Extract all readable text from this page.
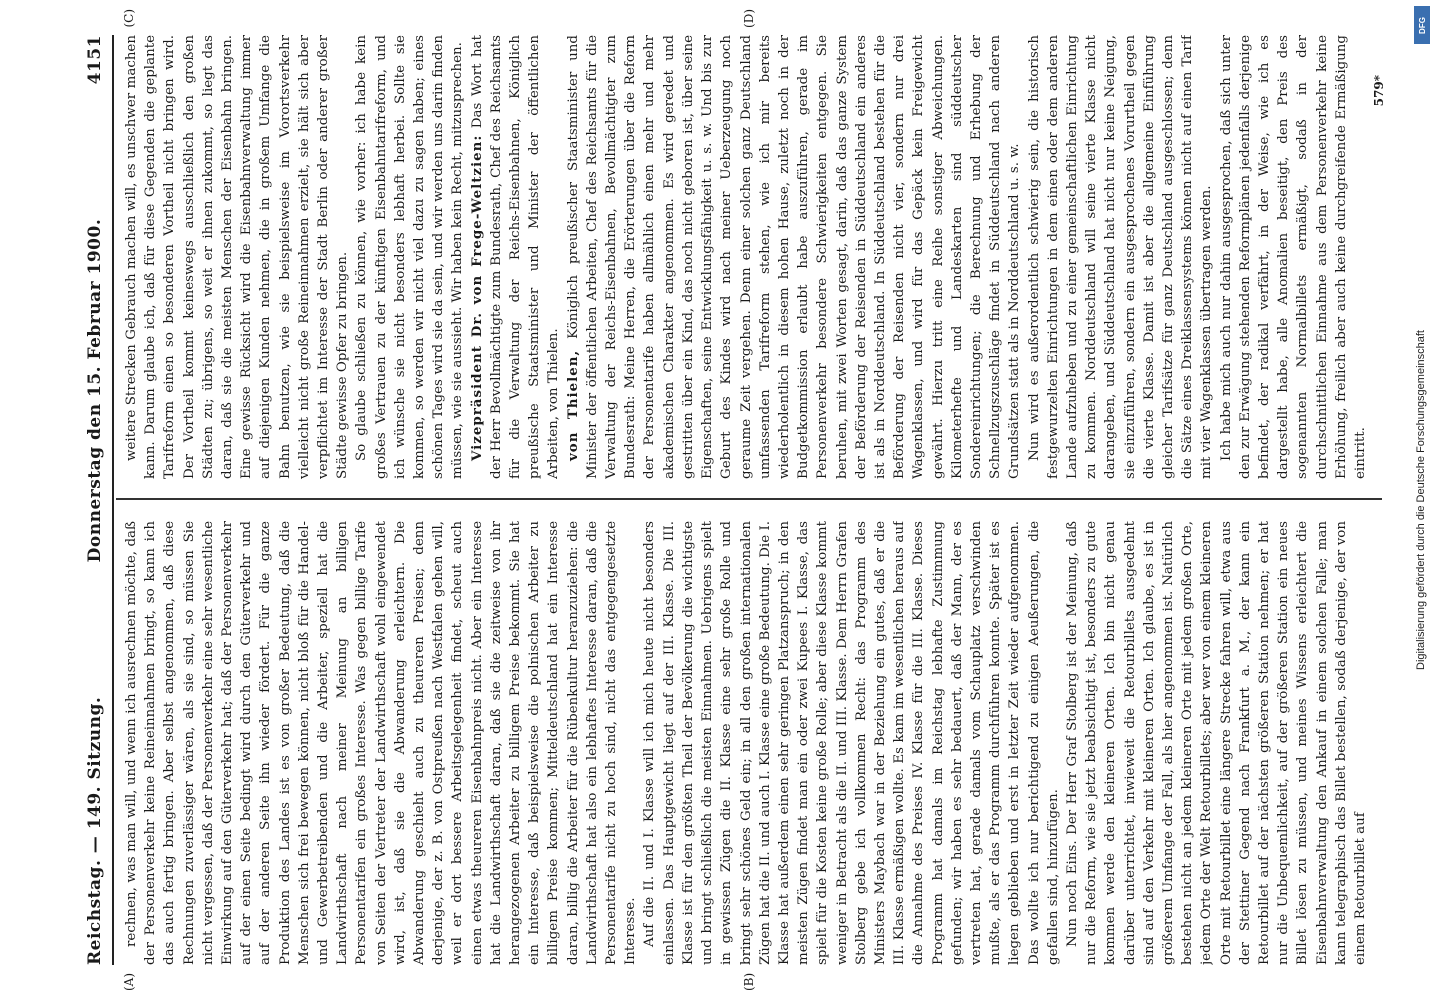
Reichstag. — 149. Sitzung.
Donnerstag den 15. Februar 1900.
4151
(A)	(B)
(C)	(D)

rechnen, was man will, und wenn ich ausrechnen möchte, daß der Personenverkehr keine Reineinnahmen bringt, so kann ich das auch fertig bringen. Aber selbst angenommen, daß diese Rechnungen zuverlässiger wären, als sie sind, so müssen Sie nicht vergessen, daß der Personenverkehr eine sehr wesentliche Einwirkung auf den Güterverkehr hat; daß der Personenverkehr auf der einen Seite bedingt wird durch den Güterverkehr und auf der anderen Seite ihn wieder fördert. Für die ganze Produktion des Landes ist es von großer Bedeutung, daß die Menschen sich frei bewegen können, nicht bloß für die Handel- und Gewerbetreibenden und die Arbeiter, speziell hat die Landwirthschaft nach meiner Meinung an billigen Personentarifen ein großes Interesse. Was gegen billige Tarife von Seiten der Vertreter der Landwirthschaft wohl eingewendet wird, ist, daß sie die Abwanderung erleichtern. Die Abwanderung geschieht auch zu theureren Preisen; denn derjenige, der z. B. von Ostpreußen nach Westfalen gehen will, weil er dort bessere Arbeitsgelegenheit findet, scheut auch einen etwas theureren Eisenbahnpreis nicht. Aber ein Interesse hat die Landwirthschaft daran, daß sie die zeitweise von ihr herangezogenen Arbeiter zu billigem Preise bekommt. Sie hat ein Interesse, daß beispielsweise die polnischen Arbeiter zu billigem Preise kommen; Mitteldeutschland hat ein Interesse daran, billig die Arbeiter für die Rübenkultur heranzuziehen: die Landwirthschaft hat also ein lebhaftes Interesse daran, daß die Personentarife nicht zu hoch sind, nicht das entgegengesetzte Interesse. Auf die II. und I. Klasse will ich mich heute nicht besonders einlassen. Das Hauptgewicht liegt auf der III. Klasse. Die III. Klasse ist für den größten Theil der Bevölkerung die wichtigste und bringt schließlich die meisten Einnahmen. Uebrigens spielt in gewissen Zügen die II. Klasse eine sehr große Rolle und bringt sehr schönes Geld ein; in all den großen internationalen Zügen hat die II. und auch I. Klasse eine große Bedeutung. Die I. Klasse hat außerdem einen sehr geringen Platzanspruch; in den meisten Zügen findet man ein oder zwei Kupees I. Klasse, das spielt für die Kosten keine große Rolle; aber diese Klasse kommt weniger in Betracht als die II. und III. Klasse. Dem Herrn Grafen Stolberg gebe ich vollkommen Recht: das Programm des Ministers Maybach war in der Beziehung ein gutes, daß er die III. Klasse ermäßigen wollte. Es kam im wesentlichen heraus auf die Annahme des Preises IV. Klasse für die III. Klasse. Dieses Programm hat damals im Reichstag lebhafte Zustimmung gefunden; wir haben es sehr bedauert, daß der Mann, der es vertreten hat, gerade damals vom Schauplatz verschwinden mußte, als er das Programm durchführen konnte. Später ist es liegen geblieben und erst in letzter Zeit wieder aufgenommen. Das wollte ich nur berichtigend zu einigen Aeußerungen, die gefallen sind, hinzufügen. Nun noch Eins. Der Herr Graf Stolberg ist der Meinung, daß nur die Reform, wie sie jetzt beabsichtigt ist, besonders zu gute kommen werde den kleineren Orten. Ich bin nicht genau darüber unterrichtet, inwieweit die Retourbillets ausgedehnt sind auf den Verkehr mit kleineren Orten. Ich glaube, es ist in größerem Umfange der Fall, als hier angenommen ist. Natürlich bestehen nicht an jedem kleineren Orte mit jedem großen Orte, jedem Orte der Welt Retourbillets; aber wer von einem kleineren Orte mit Retourbillet eine längere Strecke fahren will, etwa aus der Stettiner Gegend nach Frankfurt a. M., der kann ein Retourbillet auf der nächsten größeren Station nehmen; er hat nur die Unbequemlichkeit, auf der größeren Station ein neues Billet lösen zu müssen, und meines Wissens erleichtert die Eisenbahnverwaltung den Ankauf in einem solchen Falle; man kann telegraphisch das Billet bestellen, sodaß derjenige, der von einem Retourbillet auf

weitere Strecken Gebrauch machen will, es unschwer machen kann. Darum glaube ich, daß für diese Gegenden die geplante Tarifreform einen so besonderen Vortheil nicht bringen wird. Der Vortheil kommt keineswegs ausschließlich den großen Städten zu; übrigens, so weit er ihnen zukommt, so liegt das daran, daß sie die meisten Menschen der Eisenbahn bringen. Eine gewisse Rücksicht wird die Eisenbahnverwaltung immer auf diejenigen Kunden nehmen, die in großem Umfange die Bahn benutzen, wie sie beispielsweise im Vorortsverkehr vielleicht nicht große Reineinnahmen erzielt, sie hält sich aber verpflichtet im Interesse der Stadt Berlin oder anderer großer Städte gewisse Opfer zu bringen. So glaube schließen zu können, wie vorher: ich habe kein großes Vertrauen zu der künftigen Eisenbahntarifreform, und ich wünsche sie nicht besonders lebhaft herbei. Sollte sie kommen, so werden wir nicht viel dazu zu sagen haben; eines schönen Tages wird sie da sein, und wir werden uns darin finden müssen, wie sie aussieht. Wir haben kein Recht, mitzusprechen. Vizepräsident Dr. von Frege-Weltzien: Das Wort hat der Herr Bevollmächtigte zum Bundesrath, Chef des Reichsamts für die Verwaltung der Reichs-Eisenbahnen, Königlich preußische Staatsminister und Minister der öffentlichen Arbeiten, von Thielen. von Thielen, Königlich preußischer Staatsminister und Minister der öffentlichen Arbeiten, Chef des Reichsamts für die Verwaltung der Reichs-Eisenbahnen, Bevollmächtigter zum Bundesrath: Meine Herren, die Erörterungen über die Reform der Personentarife haben allmählich einen mehr und mehr akademischen Charakter angenommen. Es wird geredet und gestritten über ein Kind, das noch nicht geboren ist, über seine Eigenschaften, seine Entwicklungsfähigkeit u. s. w. Und bis zur Geburt des Kindes wird nach meiner Ueberzeugung noch geraume Zeit vergehen. Denn einer solchen ganz Deutschland umfassenden Tarifreform stehen, wie ich mir bereits wiederholentlich in diesem hohen Hause, zuletzt noch in der Budgetkommission erlaubt habe auszuführen, gerade im Personenverkehr besondere Schwierigkeiten entgegen. Sie beruhen, mit zwei Worten gesagt, darin, daß das ganze System der Beförderung der Reisenden in Süddeutschland ein anderes ist als in Norddeutschland. In Süddeutschland bestehen für die Beförderung der Reisenden nicht vier, sondern nur drei Wagenklassen, und wird für das Gepäck kein Freigewicht gewährt. Hierzu tritt eine Reihe sonstiger Abweichungen. Kilometerhefte und Landeskarten sind süddeutscher Sondereinrichtungen; die Berechnung und Erhebung der Schnellzugszuschläge findet in Süddeutschland nach anderen Grundsätzen statt als in Norddeutschland u. s. w. Nun wird es außerordentlich schwierig sein, die historisch festgewurzelten Einrichtungen in dem einen oder dem anderen Lande aufzuheben und zu einer gemeinschaftlichen Einrichtung zu kommen. Norddeutschland will seine vierte Klasse nicht darangeben, und Süddeutschland hat nicht nur keine Neigung, sie einzuführen, sondern ein ausgesprochenes Vorurtheil gegen die vierte Klasse. Damit ist aber die allgemeine Einführung gleicher Tarifsätze für ganz Deutschland ausgeschlossen; denn die Sätze eines Dreiklassensystems können nicht auf einen Tarif mit vier Wagenklassen übertragen werden. Ich habe mich auch nur dahin ausgesprochen, daß sich unter den zur Erwägung stehenden Reformplänen jedenfalls derjenige befindet, der radikal verfährt, in der Weise, wie ich es dargestellt habe, alle Anomalien beseitigt, den Preis des sogenannten Normalbillets ermäßigt, sodaß in der durchschnittlichen Einnahme aus dem Personenverkehr keine Erhöhung, freilich aber auch keine durchgreifende Ermäßigung eintritt.

579*
DFG
Digitalisierung gefördert durch die Deutsche Forschungsgemeinschaft
